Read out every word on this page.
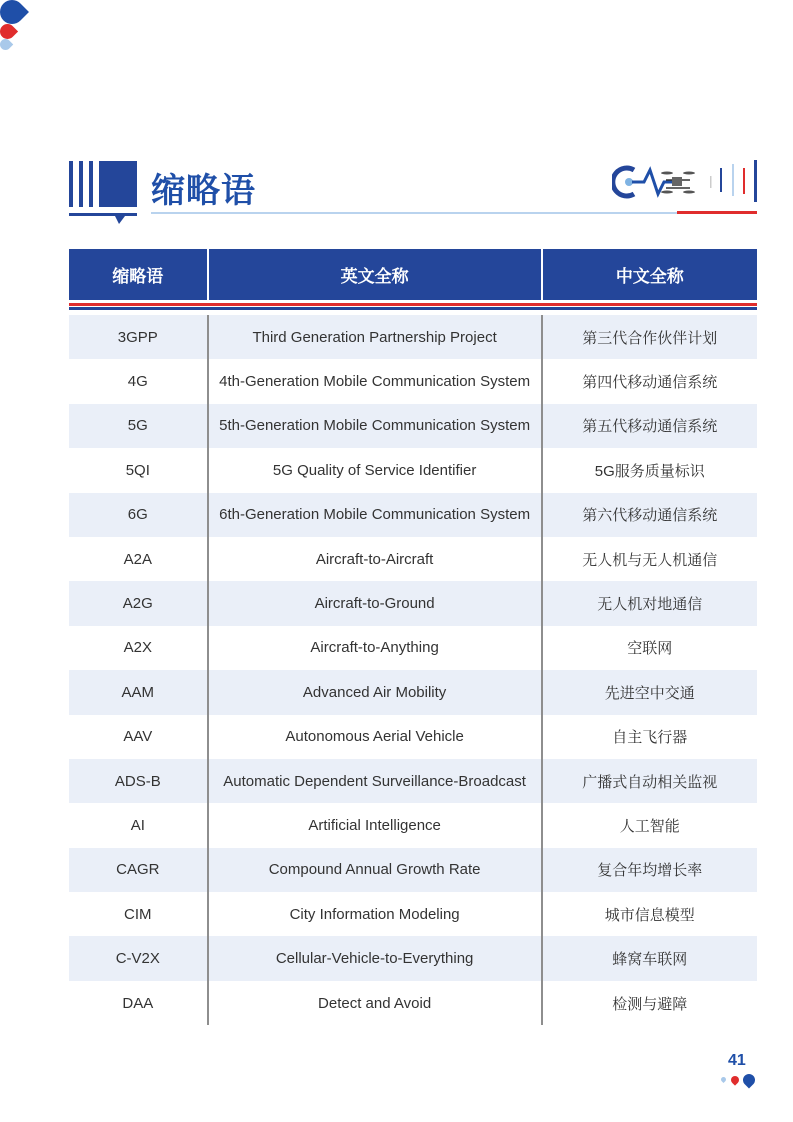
缩略语
缩略语	英文全称	中文全称
3GPP	Third Generation Partnership Project	第三代合作伙伴计划
4G	4th-Generation Mobile Communication System	第四代移动通信系统
5G	5th-Generation Mobile Communication System	第五代移动通信系统
5QI	5G Quality of Service Identifier	5G服务质量标识
6G	6th-Generation Mobile Communication System	第六代移动通信系统
A2A	Aircraft-to-Aircraft	无人机与无人机通信
A2G	Aircraft-to-Ground	无人机对地通信
A2X	Aircraft-to-Anything	空联网
AAM	Advanced Air Mobility	先进空中交通
AAV	Autonomous Aerial Vehicle	自主飞行器
ADS-B	Automatic Dependent Surveillance-Broadcast	广播式自动相关监视
AI	Artificial Intelligence	人工智能
CAGR	Compound Annual Growth Rate	复合年均增长率
CIM	City Information Modeling	城市信息模型
C-V2X	Cellular-Vehicle-to-Everything	蜂窝车联网
DAA	Detect and Avoid	检测与避障
41
